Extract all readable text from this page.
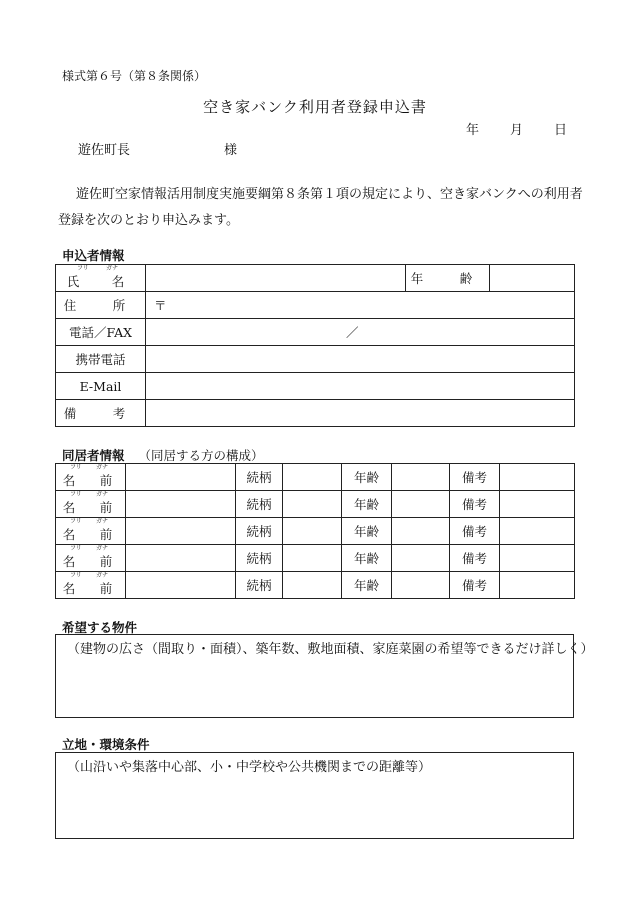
様式第６号（第８条関係）
空き家バンク利用者登録申込書
年 月 日
遊佐町長	様
遊佐町空家情報活用制度実施要綱第８条第１項の規定により、空き家バンクへの利用者登録を次のとおり申込みます。
申込者情報
フリ ガナ
氏　名		年　齢	
住　所	〒		
電話／FAX	／		
携帯電話			
E-Mail			
備　考			
同居者情報 （同居する方の構成）
フリ ガナ
名　前		続柄		年齢		備考	

フリ ガナ
名　前		続柄		年齢		備考	

フリ ガナ
名　前		続柄		年齢		備考	

フリ ガナ
名　前		続柄		年齢		備考	

フリ ガナ
名　前		続柄		年齢		備考	
希望する物件
（建物の広さ（間取り・面積）、築年数、敷地面積、家庭菜園の希望等できるだけ詳しく）
立地・環境条件
（山沿いや集落中心部、小・中学校や公共機関までの距離等）
